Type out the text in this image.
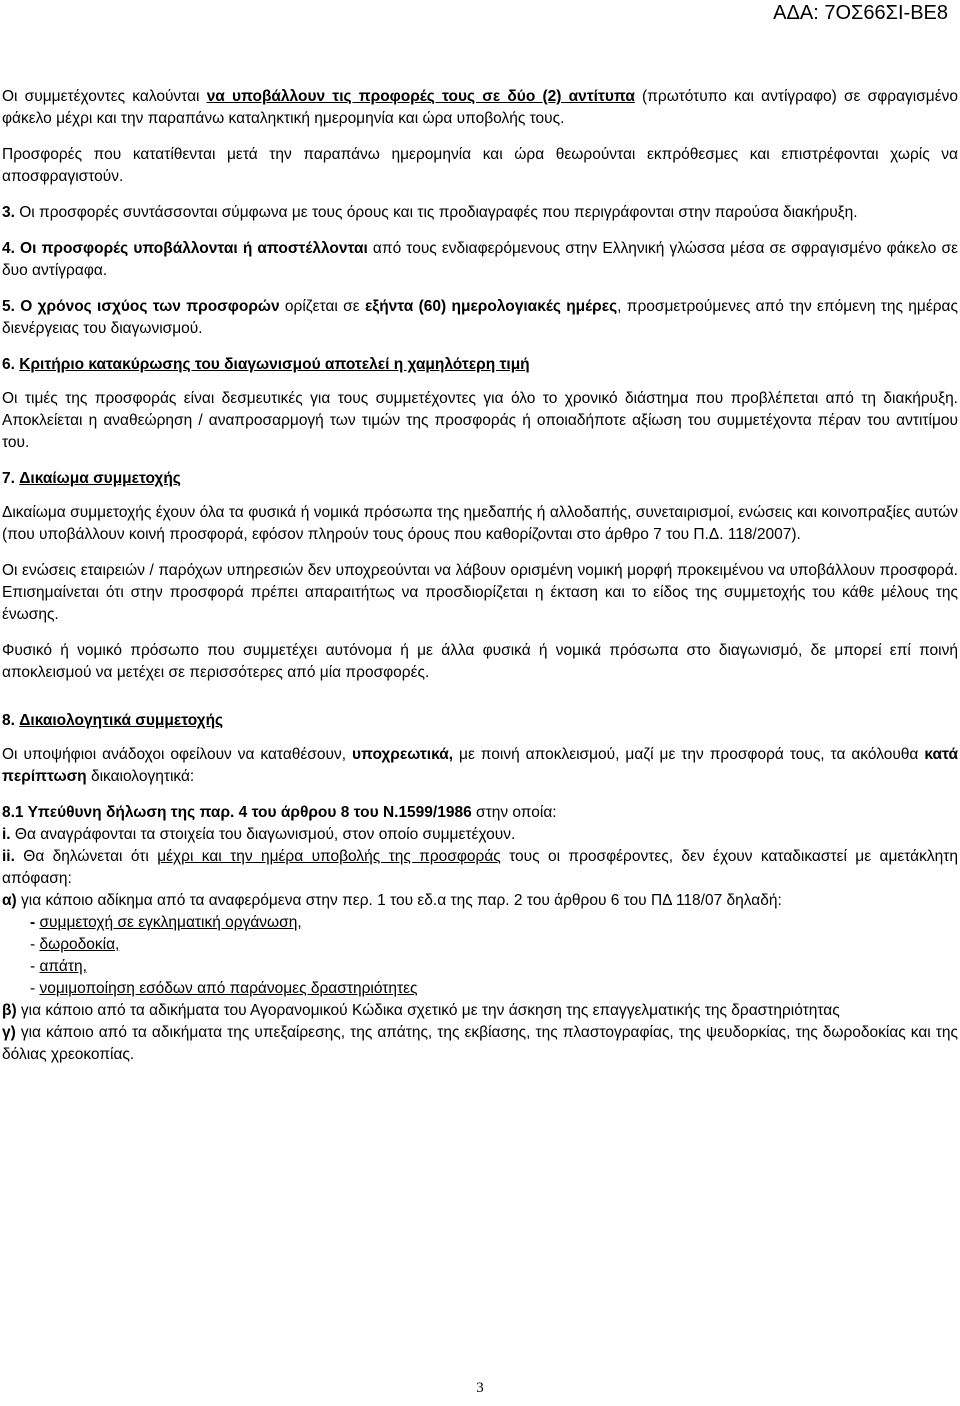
ΑΔΑ: 7ΟΣ66ΣΙ-ΒΕ8

Οι συμμετέχοντες καλούνται να υποβάλλουν τις προφορές τους σε δύο (2) αντίτυπα (πρωτότυπο και αντίγραφο) σε σφραγισμένο φάκελο μέχρι και την παραπάνω καταληκτική ημερομηνία και ώρα υποβολής τους.

Προσφορές που κατατίθενται μετά την παραπάνω ημερομηνία και ώρα θεωρούνται εκπρόθεσμες και επιστρέφονται χωρίς να αποσφραγιστούν.

3. Οι προσφορές συντάσσονται σύμφωνα με τους όρους και τις προδιαγραφές που περιγράφονται στην παρούσα διακήρυξη.

4. Οι προσφορές υποβάλλονται ή αποστέλλονται από τους ενδιαφερόμενους στην Ελληνική γλώσσα μέσα σε σφραγισμένο φάκελο σε δυο αντίγραφα.

5. Ο χρόνος ισχύος των προσφορών ορίζεται σε εξήντα (60) ημερολογιακές ημέρες, προσμετρούμενες από την επόμενη της ημέρας διενέργειας του διαγωνισμού.

6. Κριτήριο κατακύρωσης του διαγωνισμού αποτελεί η χαμηλότερη τιμή

Οι τιμές της προσφοράς είναι δεσμευτικές για τους συμμετέχοντες για όλο το χρονικό διάστημα που προβλέπεται από τη διακήρυξη. Αποκλείεται η αναθεώρηση / αναπροσαρμογή των τιμών της προσφοράς ή οποιαδήποτε αξίωση του συμμετέχοντα πέραν του αντιτίμου του.

7. Δικαίωμα συμμετοχής

Δικαίωμα συμμετοχής έχουν όλα τα φυσικά ή νομικά πρόσωπα της ημεδαπής ή αλλοδαπής, συνεταιρισμοί, ενώσεις και κοινοπραξίες αυτών (που υποβάλλουν κοινή προσφορά, εφόσον πληρούν τους όρους που καθορίζονται στο άρθρο 7 του Π.Δ. 118/2007).

Οι ενώσεις εταιρειών / παρόχων υπηρεσιών δεν υποχρεούνται να λάβουν ορισμένη νομική μορφή προκειμένου να υποβάλλουν προσφορά. Επισημαίνεται ότι στην προσφορά πρέπει απαραιτήτως να προσδιορίζεται η έκταση και το είδος της συμμετοχής του κάθε μέλους της ένωσης.

Φυσικό ή νομικό πρόσωπο που συμμετέχει αυτόνομα ή με άλλα φυσικά ή νομικά πρόσωπα στο διαγωνισμό, δε μπορεί επί ποινή αποκλεισμού να μετέχει σε περισσότερες από μία προσφορές.

8. Δικαιολογητικά συμμετοχής

Οι υποψήφιοι ανάδοχοι οφείλουν να καταθέσουν, υποχρεωτικά, με ποινή αποκλεισμού, μαζί με την προσφορά τους, τα ακόλουθα κατά περίπτωση δικαιολογητικά:

8.1 Υπεύθυνη δήλωση της παρ. 4 του άρθρου 8 του Ν.1599/1986 στην οποία:

i. Θα αναγράφονται τα στοιχεία του διαγωνισμού, στον οποίο συμμετέχουν.

ii. Θα δηλώνεται ότι μέχρι και την ημέρα υποβολής της προσφοράς τους οι προσφέροντες, δεν έχουν καταδικαστεί με αμετάκλητη απόφαση:

α) για κάποιο αδίκημα από τα αναφερόμενα στην περ. 1 του εδ.α της παρ. 2 του άρθρου 6 του ΠΔ 118/07 δηλαδή:

- συμμετοχή σε εγκληματική οργάνωση,
- δωροδοκία,
- απάτη,
- νομιμοποίηση εσόδων από παράνομες δραστηριότητες

β) για κάποιο από τα αδικήματα του Αγορανομικού Κώδικα σχετικό με την άσκηση της επαγγελματικής της δραστηριότητας

γ) για κάποιο από τα αδικήματα της υπεξαίρεσης, της απάτης, της εκβίασης, της πλαστογραφίας, της ψευδορκίας, της δωροδοκίας και της δόλιας χρεοκοπίας.

3
